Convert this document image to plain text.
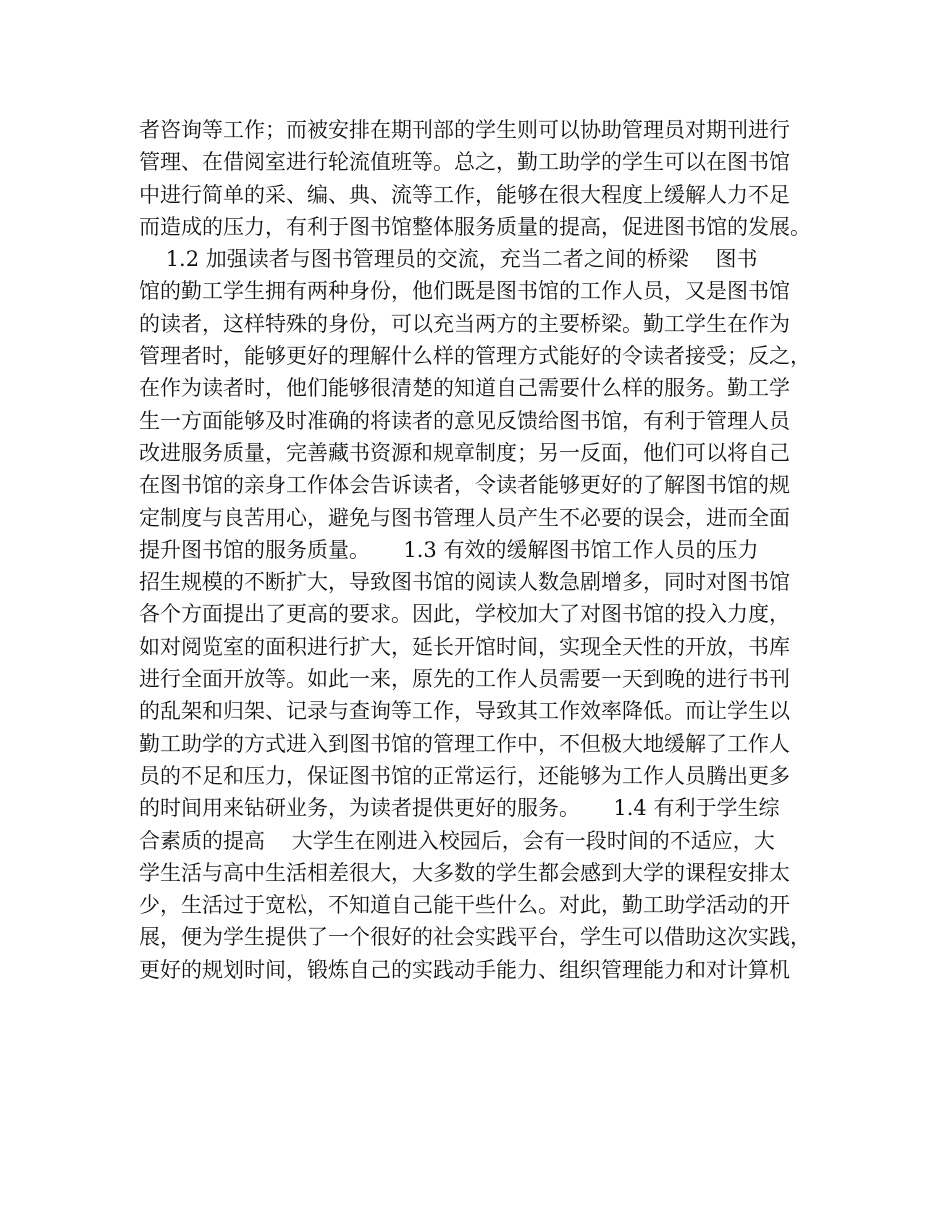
者咨询等工作；而被安排在期刊部的学生则可以协助管理员对期刊进行
管理、在借阅室进行轮流值班等。总之，勤工助学的学生可以在图书馆
中进行简单的采、编、典、流等工作，能够在很大程度上缓解人力不足
而造成的压力，有利于图书馆整体服务质量的提高，促进图书馆的发展。
1.2 加强读者与图书管理员的交流，充当二者之间的桥梁    图书
馆的勤工学生拥有两种身份，他们既是图书馆的工作人员，又是图书馆
的读者，这样特殊的身份，可以充当两方的主要桥梁。勤工学生在作为
管理者时，能够更好的理解什么样的管理方式能好的令读者接受；反之，
在作为读者时，他们能够很清楚的知道自己需要什么样的服务。勤工学
生一方面能够及时准确的将读者的意见反馈给图书馆，有利于管理人员
改进服务质量，完善藏书资源和规章制度；另一反面，他们可以将自己
在图书馆的亲身工作体会告诉读者，令读者能够更好的了解图书馆的规
定制度与良苦用心，避免与图书管理人员产生不必要的误会，进而全面
提升图书馆的服务质量。     1.3 有效的缓解图书馆工作人员的压力
招生规模的不断扩大，导致图书馆的阅读人数急剧增多，同时对图书馆
各个方面提出了更高的要求。因此，学校加大了对图书馆的投入力度，
如对阅览室的面积进行扩大，延长开馆时间，实现全天性的开放，书库
进行全面开放等。如此一来，原先的工作人员需要一天到晚的进行书刊
的乱架和归架、记录与查询等工作，导致其工作效率降低。而让学生以
勤工助学的方式进入到图书馆的管理工作中，不但极大地缓解了工作人
员的不足和压力，保证图书馆的正常运行，还能够为工作人员腾出更多
的时间用来钻研业务，为读者提供更好的服务。     1.4 有利于学生综
合素质的提高    大学生在刚进入校园后，会有一段时间的不适应，大
学生活与高中生活相差很大，大多数的学生都会感到大学的课程安排太
少，生活过于宽松，不知道自己能干些什么。对此，勤工助学活动的开
展，便为学生提供了一个很好的社会实践平台，学生可以借助这次实践，
更好的规划时间，锻炼自己的实践动手能力、组织管理能力和对计算机
